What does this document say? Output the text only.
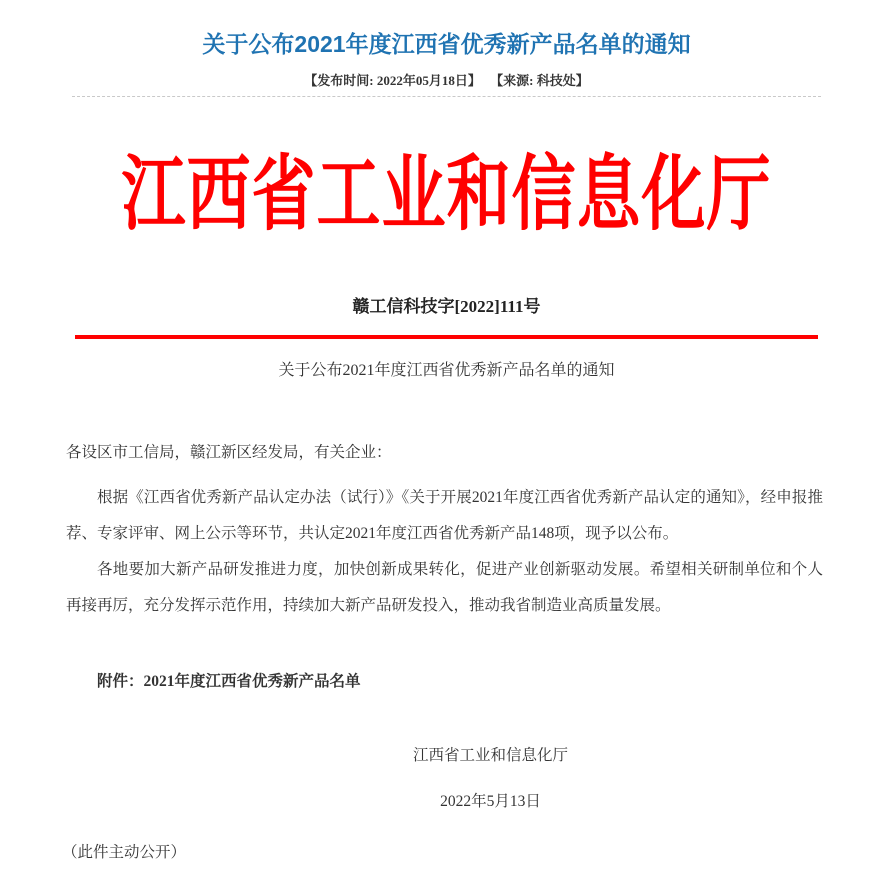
关于公布2021年度江西省优秀新产品名单的通知
【发布时间: 2022年05月18日】 【来源: 科技处】
江西省工业和信息化厅
赣工信科技字[2022]111号
关于公布2021年度江西省优秀新产品名单的通知

各设区市工信局，赣江新区经发局，有关企业：

根据《江西省优秀新产品认定办法（试行）》《关于开展2021年度江西省优秀新产品认定的通知》，经申报推荐、专家评审、网上公示等环节，共认定2021年度江西省优秀新产品148项，现予以公布。

各地要加大新产品研发推进力度，加快创新成果转化，促进产业创新驱动发展。希望相关研制单位和个人再接再厉，充分发挥示范作用，持续加大新产品研发投入，推动我省制造业高质量发展。

附件：2021年度江西省优秀新产品名单

江西省工业和信息化厅
2022年5月13日

（此件主动公开）
